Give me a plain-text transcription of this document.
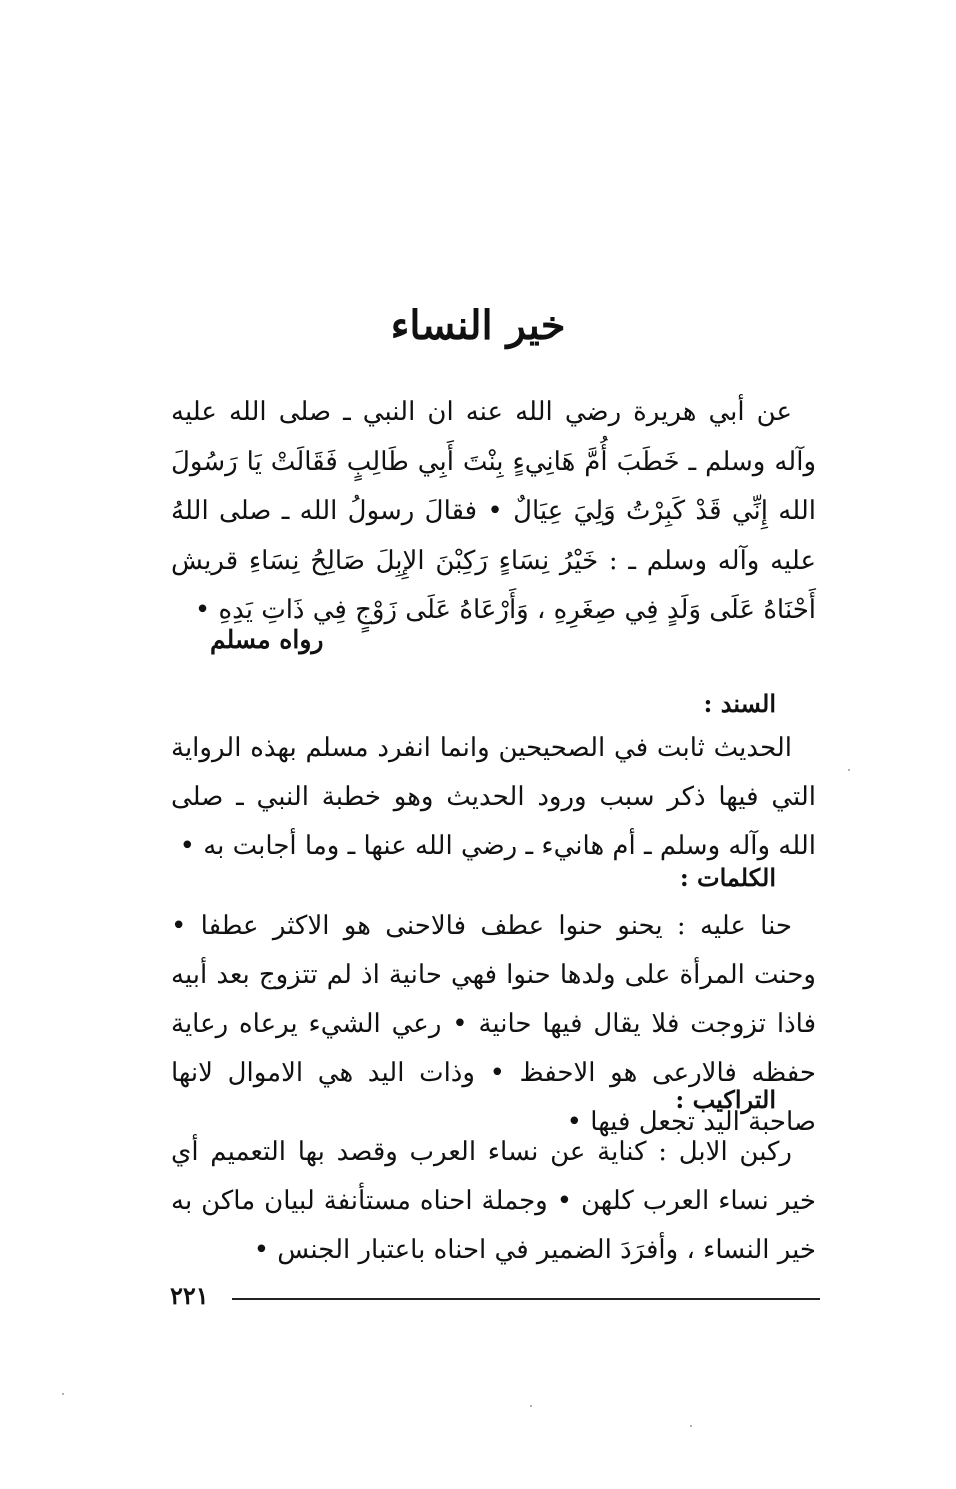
خير النساء

عن أبي هريرة رضي الله عنه ان النبي ـ صلى الله عليه وآله وسلم ـ خَطَبَ أُمَّ هَانِيءٍ بِنْتَ أَبِي طَالِبٍ فَقَالَتْ يَا رَسُولَ الله إِنِّي قَدْ كَبِرْتُ وَلِيَ عِيَالٌ • فقالَ رسولُ الله ـ صلى اللهُ عليه وآله وسلم ـ : خَيْرُ نِسَاءٍ رَكِبْنَ الإِبِلَ صَالِحُ نِسَاءِ قريش أَحْنَاهُ عَلَى وَلَدٍ فِي صِغَرِهِ ، وَأَرْعَاهُ عَلَى زَوْجٍ فِي ذَاتِ يَدِهِ •

رواه مسلم
السند :

الحديث ثابت في الصحيحين وانما انفرد مسلم بهذه الرواية التي فيها ذكر سبب ورود الحديث وهو خطبة النبي ـ صلى الله وآله وسلم ـ أم هانيء ـ رضي الله عنها ـ وما أجابت به •

الكلمات :

حنا عليه : يحنو حنوا عطف فالاحنى هو الاكثر عطفا • وحنت المرأة على ولدها حنوا فهي حانية اذ لم تتزوج بعد أبيه فاذا تزوجت فلا يقال فيها حانية • رعي الشيء يرعاه رعاية حفظه فالارعى هو الاحفظ • وذات اليد هي الاموال لانها صاحبة اليد تجعل فيها •

التراكيب :

ركبن الابل : كناية عن نساء العرب وقصد بها التعميم أي خير نساء العرب كلهن • وجملة احناه مستأنفة لبيان ماكن به خير النساء ، وأفرَدَ الضمير في احناه باعتبار الجنس •

٢٢١
